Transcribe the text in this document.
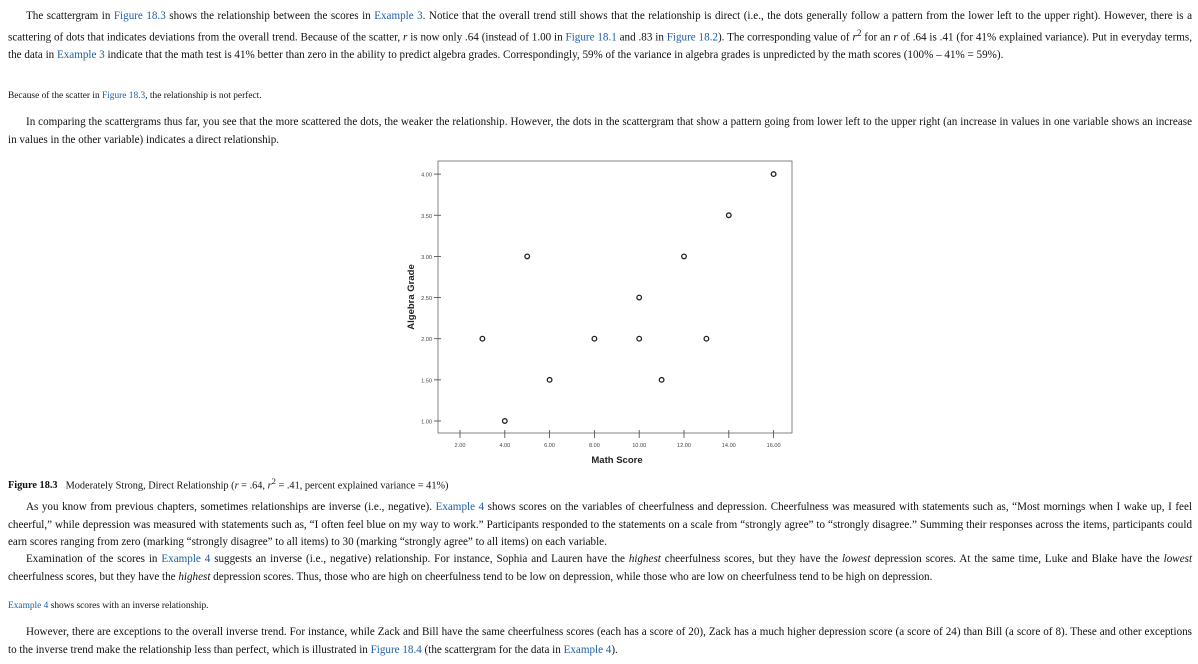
The scattergram in Figure 18.3 shows the relationship between the scores in Example 3. Notice that the overall trend still shows that the relationship is direct (i.e., the dots generally follow a pattern from the lower left to the upper right). However, there is a scattering of dots that indicates deviations from the overall trend. Because of the scatter, r is now only .64 (instead of 1.00 in Figure 18.1 and .83 in Figure 18.2). The corresponding value of $r^2$ for an r of .64 is .41 (for 41% explained variance). Put in everyday terms, the data in Example 3 indicate that the math test is 41% better than zero in the ability to predict algebra grades. Correspondingly, 59% of the variance in algebra grades is unpredicted by the math scores (100% – 41% = 59%).

Because of the scatter in Figure 18.3, the relationship is not perfect.

In comparing the scattergrams thus far, you see that the more scattered the dots, the weaker the relationship. However, the dots in the scattergram that show a pattern going from lower left to the upper right (an increase in values in one variable shows an increase in values in the other variable) indicates a direct relationship.

1.00
1.50
2.00
2.50
3.00
3.50
4.00
2.00	4.00	6.00	8.00	10.00	12.00	14.00	16.00
Math Score
Algebra Grade

Figure 18.3 Moderately Strong, Direct Relationship (r = .64, $r^2 = .41$, percent explained variance = 41%)

As you know from previous chapters, sometimes relationships are inverse (i.e., negative). Example 4 shows scores on the variables of cheerfulness and depression. Cheerfulness was measured with statements such as, “Most mornings when I wake up, I feel cheerful,” while depression was measured with statements such as, “I often feel blue on my way to work.” Participants responded to the statements on a scale from “strongly agree” to “strongly disagree.” Summing their responses across the items, participants could earn scores ranging from zero (marking “strongly disagree” to all items) to 30 (marking “strongly agree” to all items) on each variable.

Examination of the scores in Example 4 suggests an inverse (i.e., negative) relationship. For instance, Sophia and Lauren have the highest cheerfulness scores, but they have the lowest depression scores. At the same time, Luke and Blake have the lowest cheerfulness scores, but they have the highest depression scores. Thus, those who are high on cheerfulness tend to be low on depression, while those who are low on cheerfulness tend to be high on depression.

Example 4 shows scores with an inverse relationship.

However, there are exceptions to the overall inverse trend. For instance, while Zack and Bill have the same cheerfulness scores (each has a score of 20), Zack has a much higher depression score (a score of 24) than Bill (a score of 8). These and other exceptions to the inverse trend make the relationship less than perfect, which is illustrated in Figure 18.4 (the scattergram for the data in Example 4).
